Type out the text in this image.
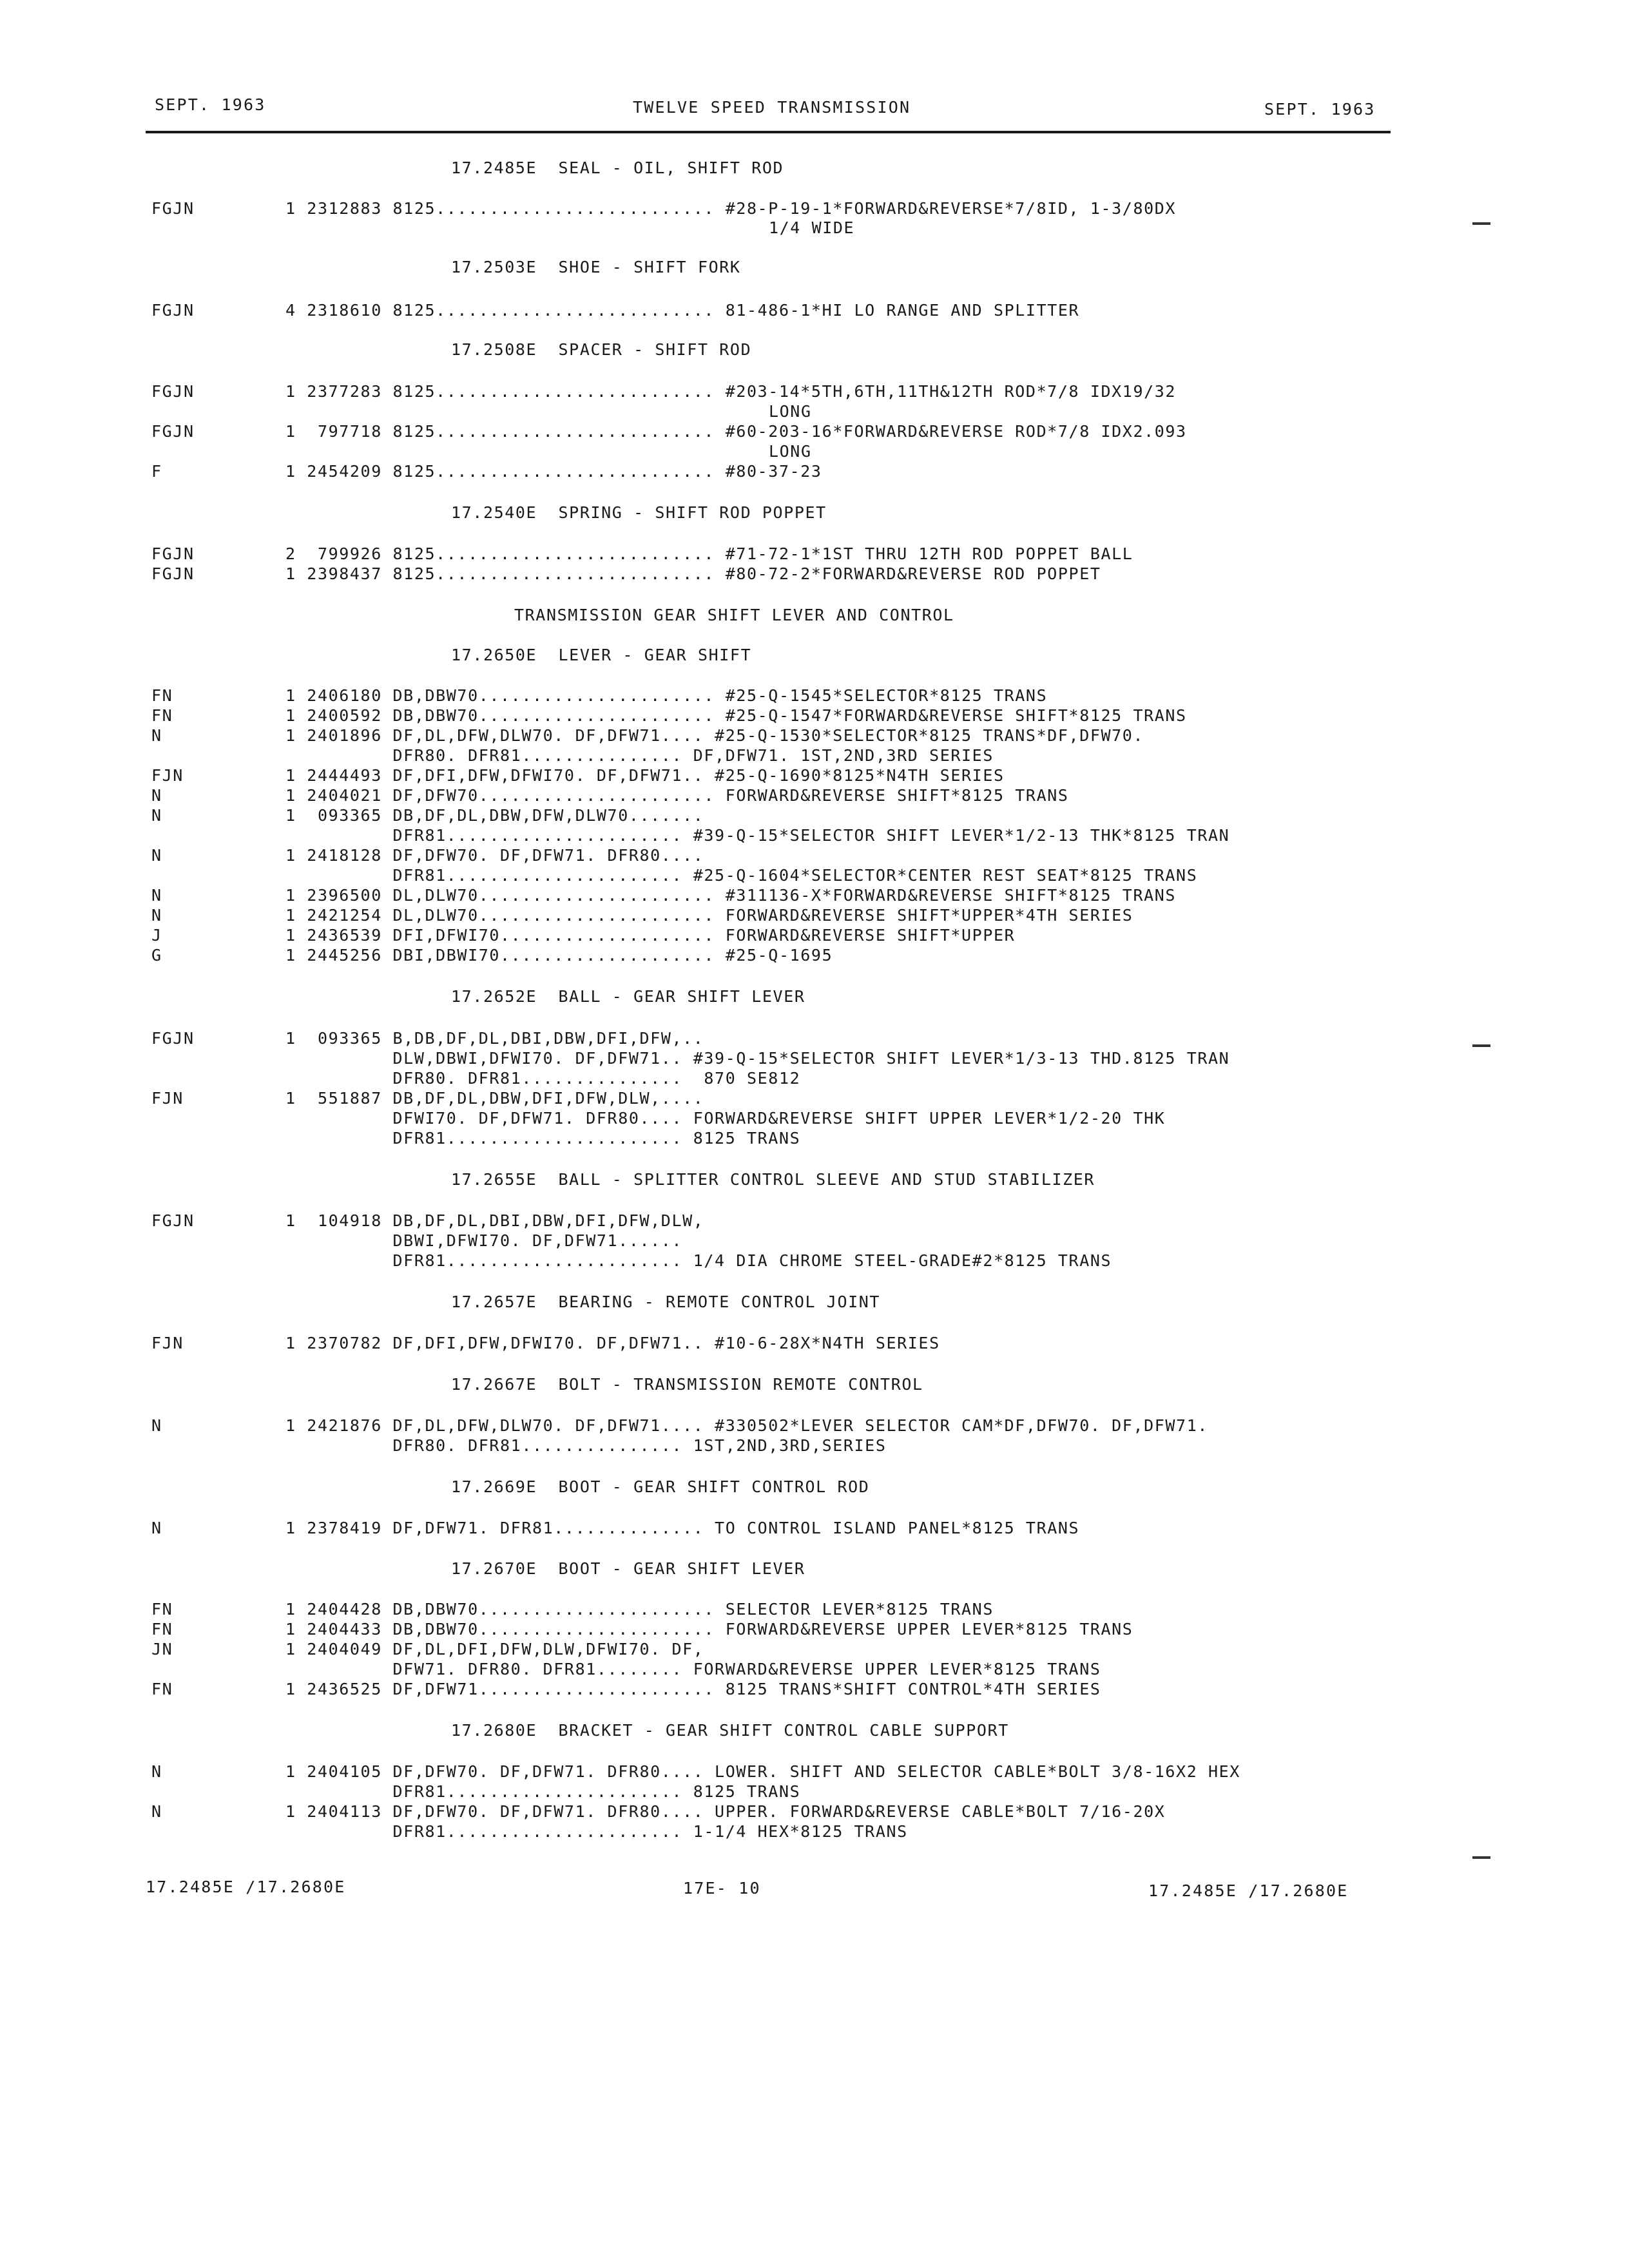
SEPT. 1963	TWELVE SPEED TRANSMISSION	SEPT. 1963
17.2485E  SEAL - OIL, SHIFT ROD
FGJN	1 2312883 8125.......................... #28-P-19-1*FORWARD&REVERSE*7/8ID, 1-3/80DX
1/4 WIDE
17.2503E  SHOE - SHIFT FORK
FGJN	4 2318610 8125.......................... 81-486-1*HI LO RANGE AND SPLITTER
17.2508E  SPACER - SHIFT ROD
FGJN	1 2377283 8125.......................... #203-14*5TH,6TH,11TH&12TH ROD*7/8 IDX19/32
LONG
FGJN	1  797718 8125.......................... #60-203-16*FORWARD&REVERSE ROD*7/8 IDX2.093
LONG
F	1 2454209 8125.......................... #80-37-23
17.2540E  SPRING - SHIFT ROD POPPET
FGJN	2  799926 8125.......................... #71-72-1*1ST THRU 12TH ROD POPPET BALL
FGJN	1 2398437 8125.......................... #80-72-2*FORWARD&REVERSE ROD POPPET
TRANSMISSION GEAR SHIFT LEVER AND CONTROL
17.2650E  LEVER - GEAR SHIFT
FN	1 2406180 DB,DBW70...................... #25-Q-1545*SELECTOR*8125 TRANS
FN	1 2400592 DB,DBW70...................... #25-Q-1547*FORWARD&REVERSE SHIFT*8125 TRANS
N	1 2401896 DF,DL,DFW,DLW70. DF,DFW71.... #25-Q-1530*SELECTOR*8125 TRANS*DF,DFW70.
DFR80. DFR81............... DF,DFW71. 1ST,2ND,3RD SERIES
FJN	1 2444493 DF,DFI,DFW,DFWI70. DF,DFW71.. #25-Q-1690*8125*N4TH SERIES
N	1 2404021 DF,DFW70...................... FORWARD&REVERSE SHIFT*8125 TRANS
N	1  093365 DB,DF,DL,DBW,DFW,DLW70.......
DFR81...................... #39-Q-15*SELECTOR SHIFT LEVER*1/2-13 THK*8125 TRAN
N	1 2418128 DF,DFW70. DF,DFW71. DFR80....
DFR81...................... #25-Q-1604*SELECTOR*CENTER REST SEAT*8125 TRANS
N	1 2396500 DL,DLW70...................... #311136-X*FORWARD&REVERSE SHIFT*8125 TRANS
N	1 2421254 DL,DLW70...................... FORWARD&REVERSE SHIFT*UPPER*4TH SERIES
J	1 2436539 DFI,DFWI70.................... FORWARD&REVERSE SHIFT*UPPER
G	1 2445256 DBI,DBWI70.................... #25-Q-1695
17.2652E  BALL - GEAR SHIFT LEVER
FGJN	1  093365 B,DB,DF,DL,DBI,DBW,DFI,DFW,..
DLW,DBWI,DFWI70. DF,DFW71.. #39-Q-15*SELECTOR SHIFT LEVER*1/3-13 THD.8125 TRAN
DFR80. DFR81...............  870 SE812
FJN	1  551887 DB,DF,DL,DBW,DFI,DFW,DLW,....
DFWI70. DF,DFW71. DFR80.... FORWARD&REVERSE SHIFT UPPER LEVER*1/2-20 THK
DFR81...................... 8125 TRANS
17.2655E  BALL - SPLITTER CONTROL SLEEVE AND STUD STABILIZER
FGJN	1  104918 DB,DF,DL,DBI,DBW,DFI,DFW,DLW,
DBWI,DFWI70. DF,DFW71......
DFR81...................... 1/4 DIA CHROME STEEL-GRADE#2*8125 TRANS
17.2657E  BEARING - REMOTE CONTROL JOINT
FJN	1 2370782 DF,DFI,DFW,DFWI70. DF,DFW71.. #10-6-28X*N4TH SERIES
17.2667E  BOLT - TRANSMISSION REMOTE CONTROL
N	1 2421876 DF,DL,DFW,DLW70. DF,DFW71.... #330502*LEVER SELECTOR CAM*DF,DFW70. DF,DFW71.
DFR80. DFR81............... 1ST,2ND,3RD,SERIES
17.2669E  BOOT - GEAR SHIFT CONTROL ROD
N	1 2378419 DF,DFW71. DFR81.............. TO CONTROL ISLAND PANEL*8125 TRANS
17.2670E  BOOT - GEAR SHIFT LEVER
FN	1 2404428 DB,DBW70...................... SELECTOR LEVER*8125 TRANS
FN	1 2404433 DB,DBW70...................... FORWARD&REVERSE UPPER LEVER*8125 TRANS
JN	1 2404049 DF,DL,DFI,DFW,DLW,DFWI70. DF,
DFW71. DFR80. DFR81........ FORWARD&REVERSE UPPER LEVER*8125 TRANS
FN	1 2436525 DF,DFW71...................... 8125 TRANS*SHIFT CONTROL*4TH SERIES
17.2680E  BRACKET - GEAR SHIFT CONTROL CABLE SUPPORT
N	1 2404105 DF,DFW70. DF,DFW71. DFR80.... LOWER. SHIFT AND SELECTOR CABLE*BOLT 3/8-16X2 HEX
DFR81...................... 8125 TRANS
N	1 2404113 DF,DFW70. DF,DFW71. DFR80.... UPPER. FORWARD&REVERSE CABLE*BOLT 7/16-20X
DFR81...................... 1-1/4 HEX*8125 TRANS
17.2485E /17.2680E	17E- 10	17.2485E /17.2680E
